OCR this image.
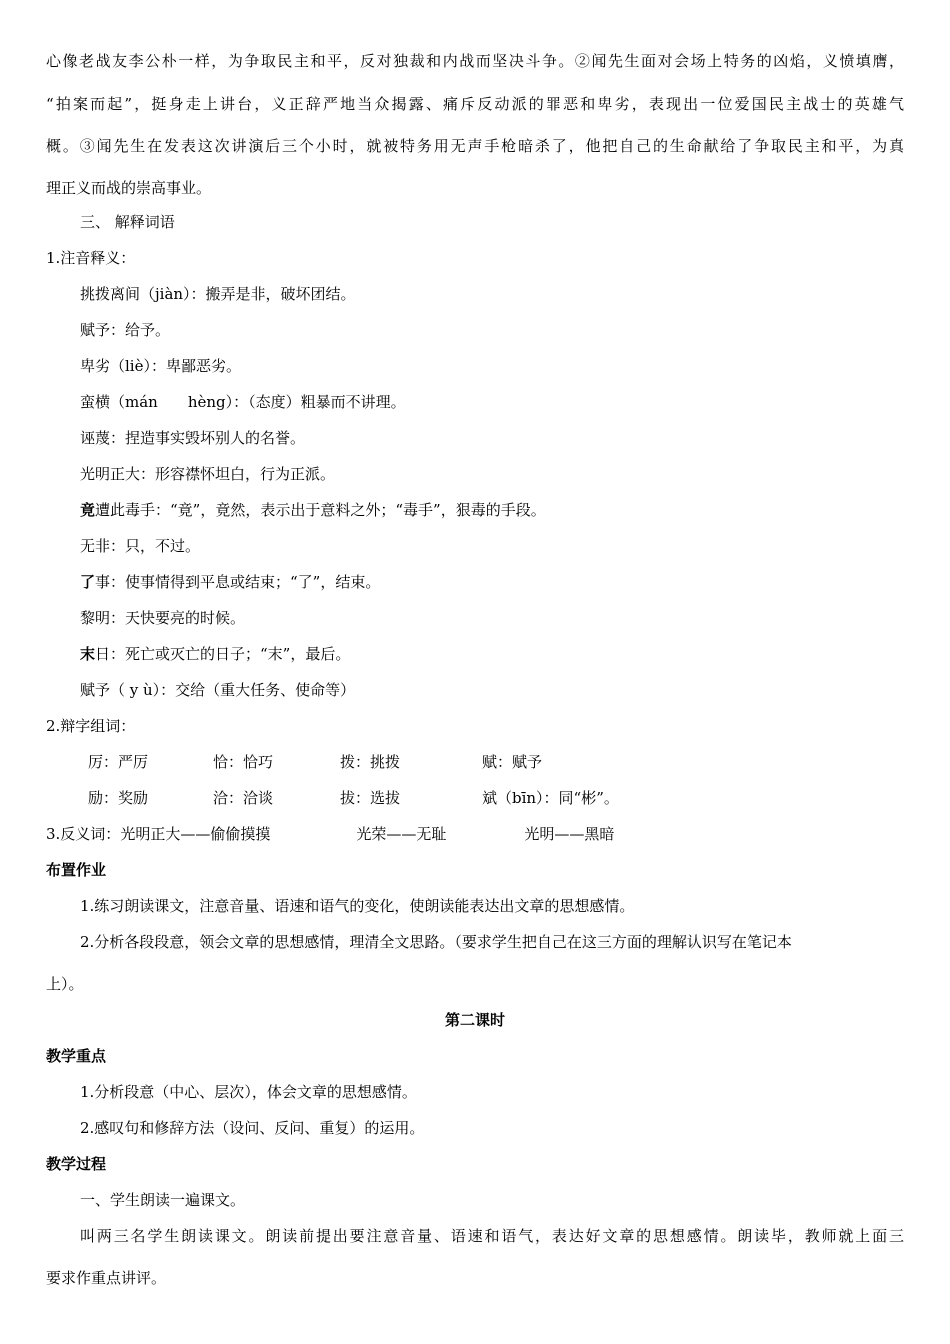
心像老战友李公朴一样，为争取民主和平，反对独裁和内战而坚决斗争。②闻先生面对会场上特务的凶焰，义愤填膺，
“拍案而起”，挺身走上讲台，义正辞严地当众揭露、痛斥反动派的罪恶和卑劣，表现出一位爱国民主战士的英雄气
概。③闻先生在发表这次讲演后三个小时，就被特务用无声手枪暗杀了，他把自己的生命献给了争取民主和平，为真
理正义而战的崇高事业。
三、 解释词语
1.注音释义：
挑拨离间（jiàn）：搬弄是非，破坏团结。
赋予：给予。
卑劣（liè）：卑鄙恶劣。
蛮横（mán　　hèng）：（态度）粗暴而不讲理。
诬蔑：捏造事实毁坏别人的名誉。
光明正大：形容襟怀坦白，行为正派。
竟遭此毒手：“竟”，竟然，表示出于意料之外；“毒手”，狠毒的手段。
无非：只，不过。
了事：使事情得到平息或结束；“了”，结束。
黎明：天快要亮的时候。
末日：死亡或灭亡的日子；“末”，最后。
赋予（ y ù）：交给（重大任务、使命等）
2.辩字组词：
厉：严厉	恰：恰巧	拨：挑拨	赋：赋予
励：奖励	洽：洽谈	拔：选拔	斌（bīn）：同“彬”。
3.反义词：光明正大——偷偷摸摸	光荣——无耻	光明——黑暗
布置作业
1.练习朗读课文，注意音量、语速和语气的变化，使朗读能表达出文章的思想感情。
2.分析各段段意，领会文章的思想感情，理清全文思路。（要求学生把自己在这三方面的理解认识写在笔记本
上）。
第二课时
教学重点
1.分析段意（中心、层次），体会文章的思想感情。
2.感叹句和修辞方法（设问、反问、重复）的运用。
教学过程
一、学生朗读一遍课文。
叫两三名学生朗读课文。朗读前提出要注意音量、语速和语气，表达好文章的思想感情。朗读毕，教师就上面三
要求作重点讲评。
